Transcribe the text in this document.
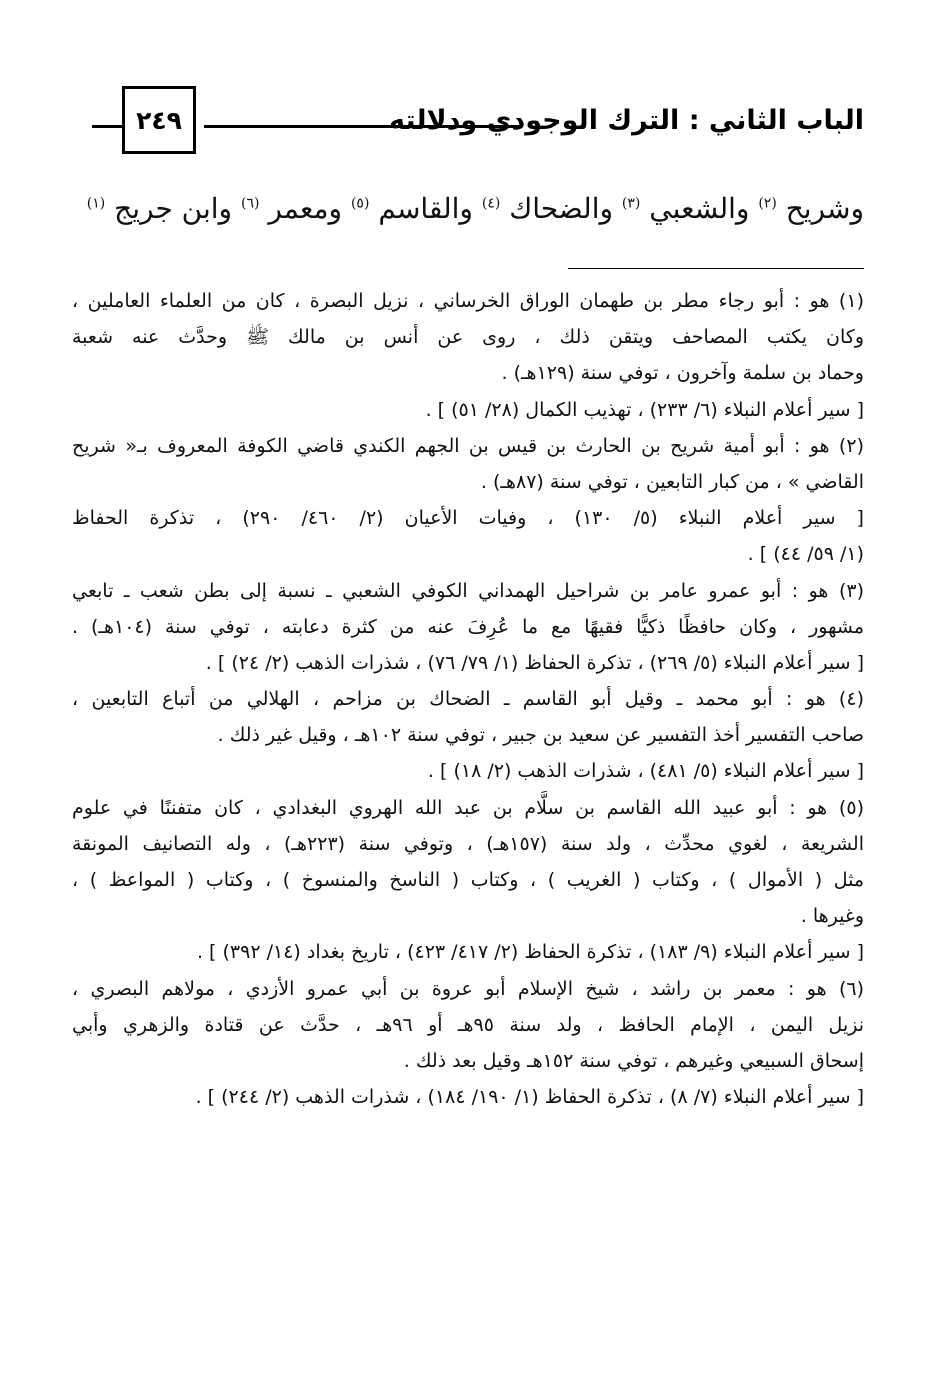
الباب الثاني : الترك الوجودي ودلالته
٢٤٩
وشريح $^{(٢)}$ والشعبي $^{(٣)}$ والضحاك $^{(٤)}$ والقاسم $^{(٥)}$ ومعمر $^{(٦)}$ وابن جريج $^{(١)}$
(١) هو : أبو رجاء مطر بن طهمان الوراق الخرساني ، نزيل البصرة ، كان من العلماء العاملين ،
وكان يكتب المصاحف ويتقن ذلك ، روى عن أنس بن مالك ﷺ وحدَّث عنه شعبة
وحماد بن سلمة وآخرون ، توفي سنة (١٢٩هـ) .
[ سير أعلام النبلاء (٦/ ٢٣٣) ، تهذيب الكمال (٢٨/ ٥١) ] .
(٢) هو : أبو أمية شريح بن الحارث بن قيس بن الجهم الكندي قاضي الكوفة المعروف بـ« شريح
القاضي » ، من كبار التابعين ، توفي سنة (٨٧هـ) .
[ سير أعلام النبلاء (٥/ ١٣٠) ، وفيات الأعيان (٢/ ٤٦٠/ ٢٩٠) ، تذكرة الحفاظ
(١/ ٥٩/ ٤٤) ] .
(٣) هو : أبو عمرو عامر بن شراحيل الهمداني الكوفي الشعبي ـ نسبة إلى بطن شعب ـ تابعي
مشهور ، وكان حافظًا ذكيًّا فقيهًا مع ما عُرِفَ عنه من كثرة دعابته ، توفي سنة (١٠٤هـ) .
[ سير أعلام النبلاء (٥/ ٢٦٩) ، تذكرة الحفاظ (١/ ٧٩/ ٧٦) ، شذرات الذهب (٢/ ٢٤) ] .
(٤) هو : أبو محمد ـ وقيل أبو القاسم ـ الضحاك بن مزاحم ، الهلالي من أتباع التابعين ،
صاحب التفسير أخذ التفسير عن سعيد بن جبير ، توفي سنة ١٠٢هـ ، وقيل غير ذلك .
[ سير أعلام النبلاء (٥/ ٤٨١) ، شذرات الذهب (٢/ ١٨) ] .
(٥) هو : أبو عبيد الله القاسم بن سلَّام بن عبد الله الهروي البغدادي ، كان متفننًا في علوم
الشريعة ، لغوي محدِّث ، ولد سنة (١٥٧هـ) ، وتوفي سنة (٢٢٣هـ) ، وله التصانيف المونقة
مثل ( الأموال ) ، وكتاب ( الغريب ) ، وكتاب ( الناسخ والمنسوخ ) ، وكتاب ( المواعظ ) ،
وغيرها .
[ سير أعلام النبلاء (٩/ ١٨٣) ، تذكرة الحفاظ (٢/ ٤١٧/ ٤٢٣) ، تاريخ بغداد (١٤/ ٣٩٢) ] .
(٦) هو : معمر بن راشد ، شيخ الإسلام أبو عروة بن أبي عمرو الأزدي ، مولاهم البصري ،
نزيل اليمن ، الإمام الحافظ ، ولد سنة ٩٥هـ أو ٩٦هـ ، حدَّث عن قتادة والزهري وأبي
إسحاق السبيعي وغيرهم ، توفي سنة ١٥٢هـ وقيل بعد ذلك .
[ سير أعلام النبلاء (٧/ ٨) ، تذكرة الحفاظ (١/ ١٩٠/ ١٨٤) ، شذرات الذهب (٢/ ٢٤٤) ] .
